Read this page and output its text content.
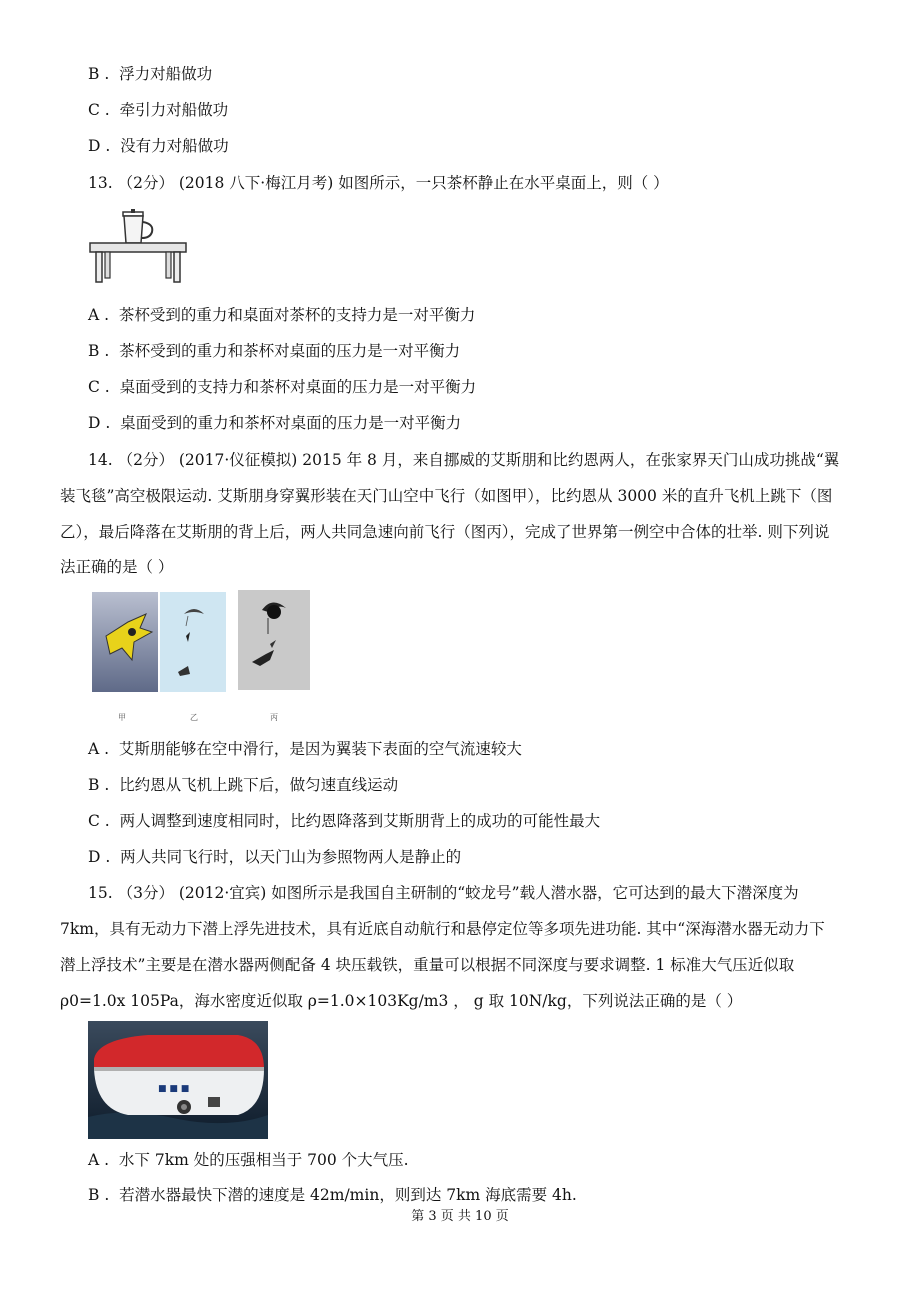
B .  浮力对船做功
C .  牵引力对船做功
D .  没有力对船做功
13. （2分） (2018 八下·梅江月考) 如图所示，一只茶杯静止在水平桌面上，则（ ）
A .  茶杯受到的重力和桌面对茶杯的支持力是一对平衡力
B .  茶杯受到的重力和茶杯对桌面的压力是一对平衡力
C .  桌面受到的支持力和茶杯对桌面的压力是一对平衡力
D .  桌面受到的重力和茶杯对桌面的压力是一对平衡力
14. （2分） (2017·仪征模拟) 2015 年 8 月，来自挪威的艾斯朋和比约恩两人，在张家界天门山成功挑战“翼
装飞毯”高空极限运动. 艾斯朋身穿翼形装在天门山空中飞行（如图甲），比约恩从 3000 米的直升飞机上跳下（图
乙），最后降落在艾斯朋的背上后，两人共同急速向前飞行（图丙），完成了世界第一例空中合体的壮举. 则下列说
法正确的是（ ）
甲	乙	丙
A .  艾斯朋能够在空中滑行，是因为翼装下表面的空气流速较大
B .  比约恩从飞机上跳下后，做匀速直线运动
C .  两人调整到速度相同时，比约恩降落到艾斯朋背上的成功的可能性最大
D .  两人共同飞行时，以天门山为参照物两人是静止的
15. （3分） (2012·宜宾) 如图所示是我国自主研制的“蛟龙号”载人潜水器，它可达到的最大下潜深度为
7km，具有无动力下潜上浮先进技术，具有近底自动航行和悬停定位等多项先进功能. 其中“深海潜水器无动力下
潜上浮技术”主要是在潜水器两侧配备 4 块压载铁，重量可以根据不同深度与要求调整. 1 标准大气压近似取
ρ0=1.0x 105Pa，海水密度近似取 ρ=1.0×103Kg/m3 ， g 取 10N/kg，下列说法正确的是（ ）
■ ■ ■
A .  水下 7km 处的压强相当于 700 个大气压.
B .  若潜水器最快下潜的速度是 42m/min，则到达 7km 海底需要 4h.
第 3 页 共 10 页
